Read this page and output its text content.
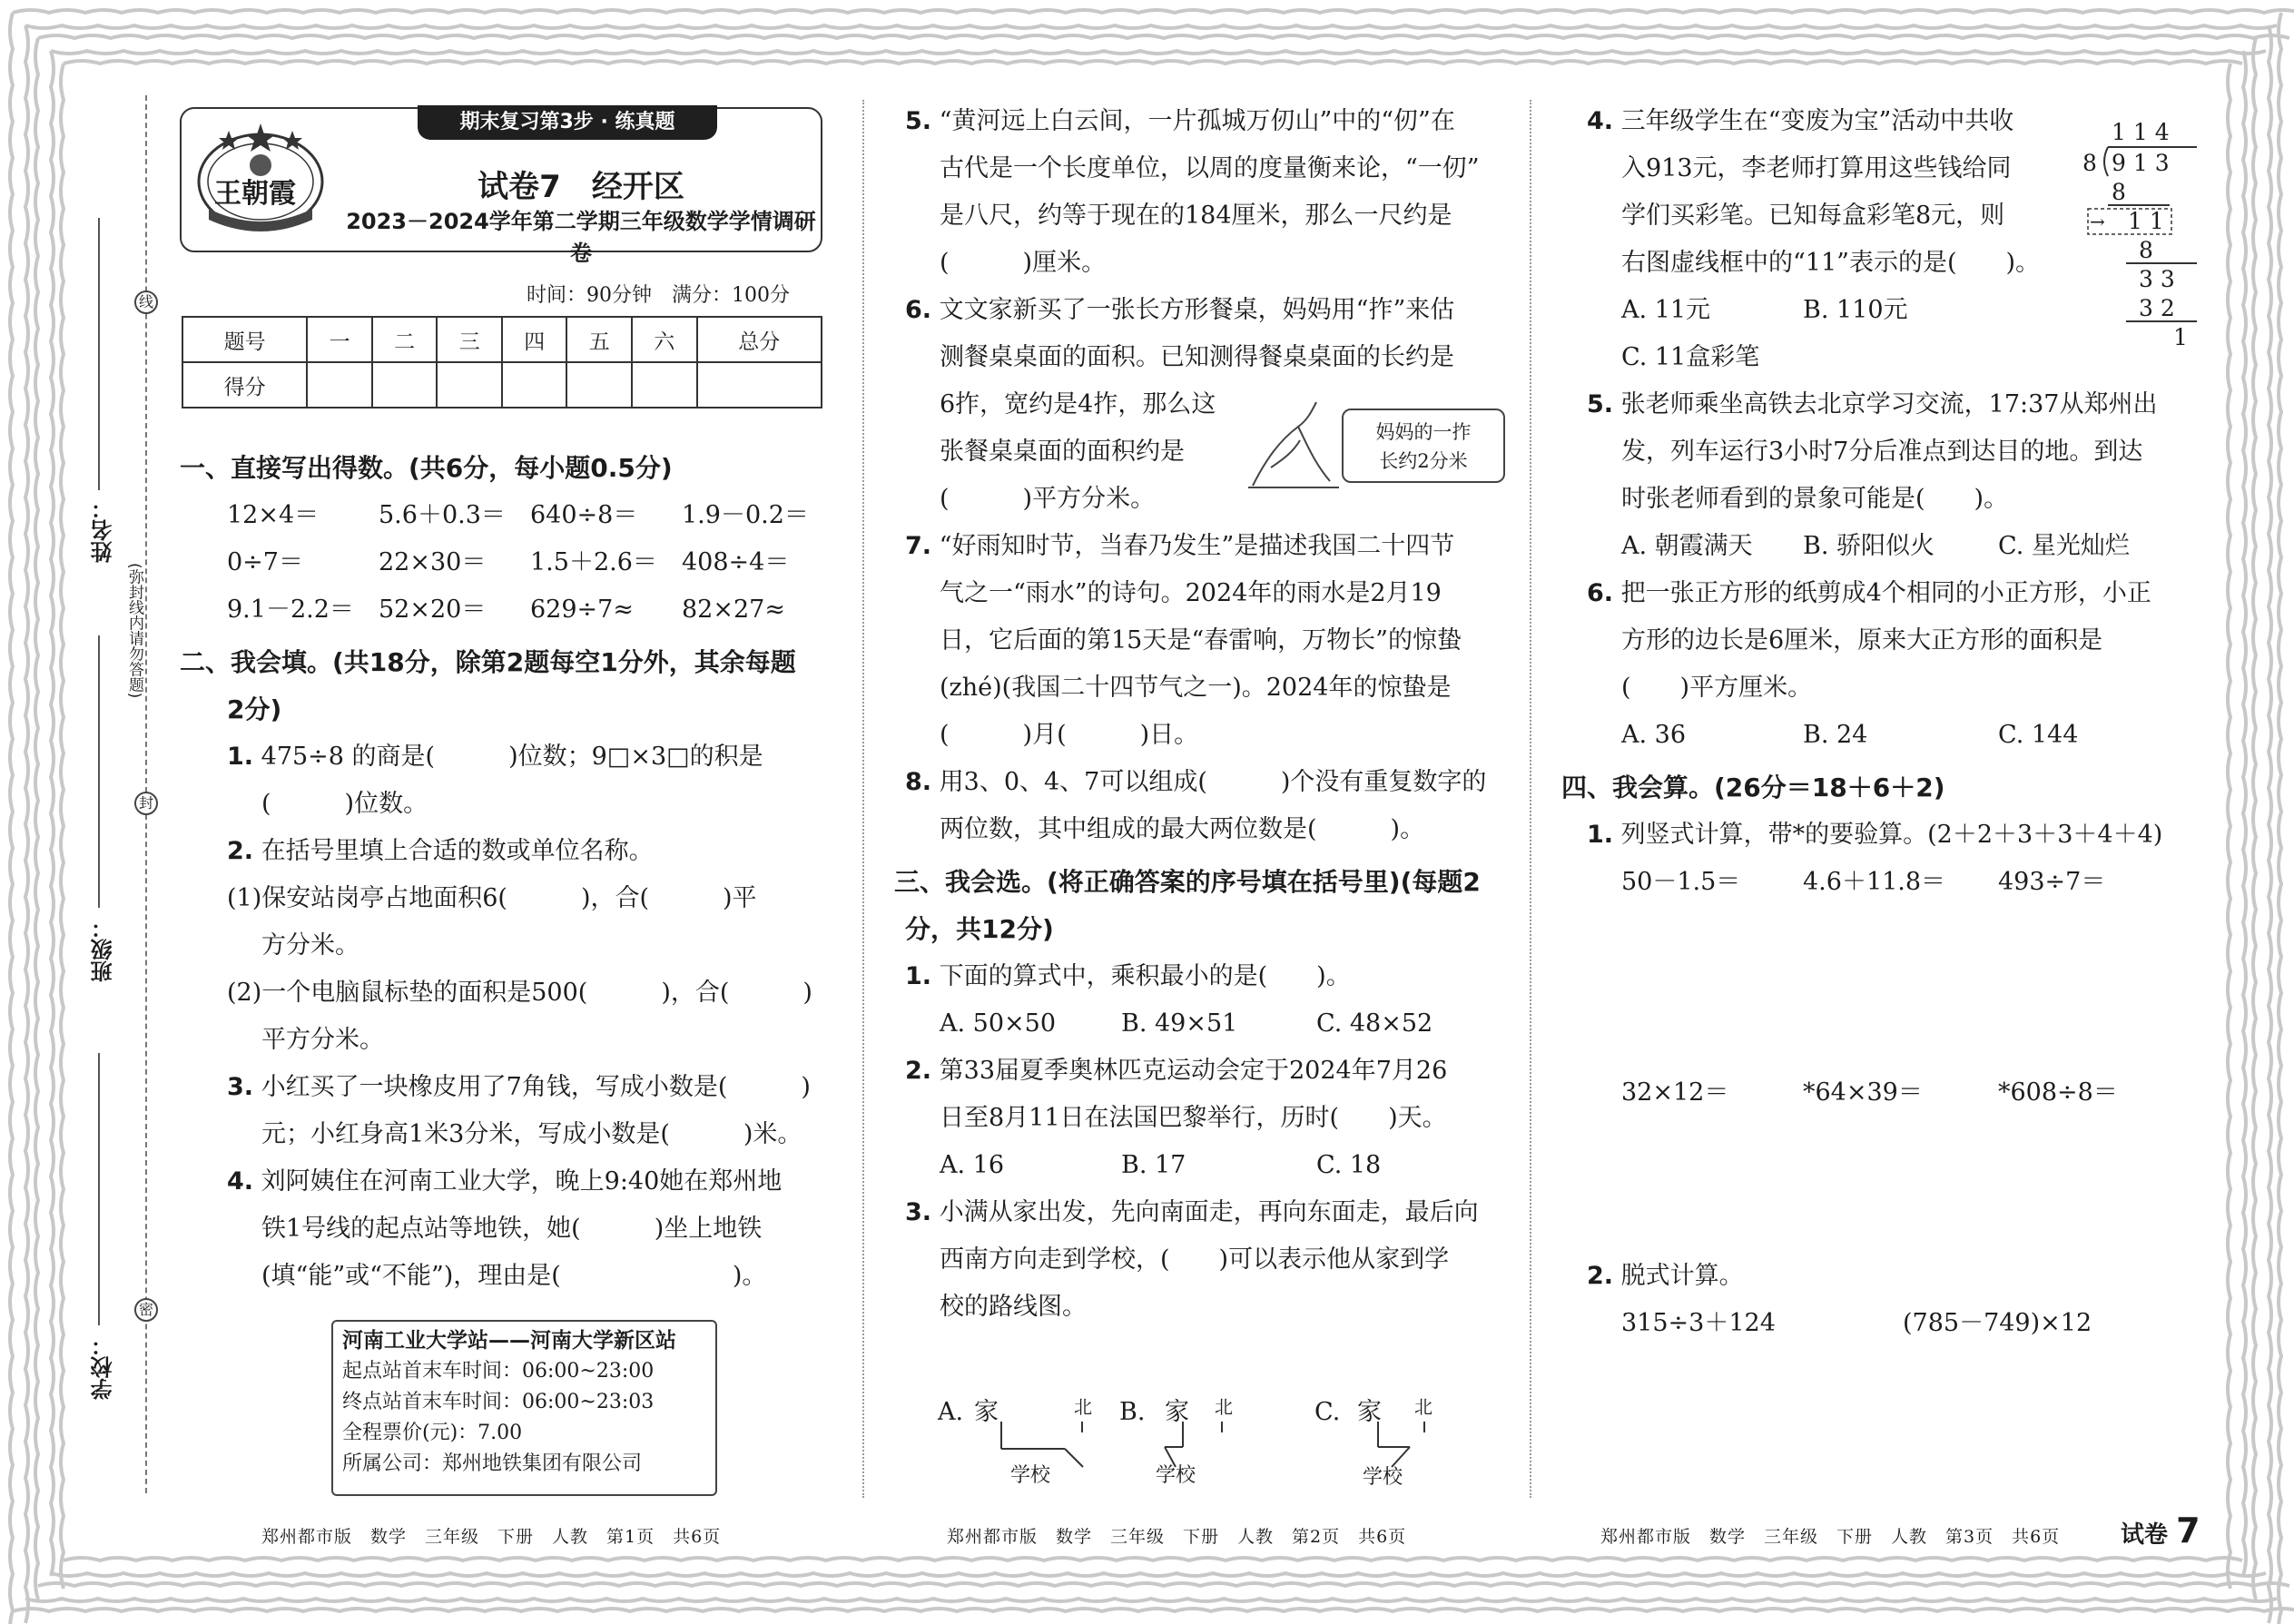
线
封
密
(弥封线内请勿答题)
姓名：
班级：
学校：
王朝霞
期末复习第3步 · 练真题
试卷7　经开区
2023－2024学年第二学期三年级数学学情调研卷
时间：90分钟　满分：100分
题号	一	二	三	四	五	六	总分
得分							
一、直接写出得数。(共6分，每小题0.5分)
12×4＝	5.6＋0.3＝	640÷8＝	1.9－0.2＝
0÷7＝	22×30＝	1.5＋2.6＝	408÷4＝
9.1－2.2＝	52×20＝	629÷7≈	82×27≈
二、我会填。(共18分，除第2题每空1分外，其余每题
2分)
1. 475÷8 的商是(　　　)位数；9□×3□的积是
(　　　)位数。
2. 在括号里填上合适的数或单位名称。
(1)保安站岗亭占地面积6(　　　)，合(　　　)平
方分米。
(2)一个电脑鼠标垫的面积是500(　　　)，合(　　　)
平方分米。
3. 小红买了一块橡皮用了7角钱，写成小数是(　　　)
元；小红身高1米3分米，写成小数是(　　　)米。
4. 刘阿姨住在河南工业大学，晚上9:40她在郑州地
铁1号线的起点站等地铁，她(　　　)坐上地铁
(填“能”或“不能”)，理由是(　　　　　　　)。
河南工业大学站——河南大学新区站
起点站首末车时间：06:00~23:00
终点站首末车时间：06:00~23:03
全程票价(元)：7.00
所属公司：郑州地铁集团有限公司
5. “黄河远上白云间，一片孤城万仞山”中的“仞”在
古代是一个长度单位，以周的度量衡来论，“一仞”
是八尺，约等于现在的184厘米，那么一尺约是
(　　　)厘米。
6. 文文家新买了一张长方形餐桌，妈妈用“拃”来估
测餐桌桌面的面积。已知测得餐桌桌面的长约是
6拃，宽约是4拃，那么这
张餐桌桌面的面积约是
(　　　)平方分米。
7. “好雨知时节，当春乃发生”是描述我国二十四节
气之一“雨水”的诗句。2024年的雨水是2月19
日，它后面的第15天是“春雷响，万物长”的惊蛰
(zhé)(我国二十四节气之一)。2024年的惊蛰是
(　　　)月(　　　)日。
8. 用3、0、4、7可以组成(　　　)个没有重复数字的
两位数，其中组成的最大两位数是(　　　)。
三、我会选。(将正确答案的序号填在括号里)(每题2
分，共12分)
1. 下面的算式中，乘积最小的是(　　)。
A. 50×50	B. 49×51	C. 48×52
2. 第33届夏季奥林匹克运动会定于2024年7月26
日至8月11日在法国巴黎举行，历时(　　)天。
A. 16	B. 17	C. 18
3. 小满从家出发，先向南面走，再向东面走，最后向
西南方向走到学校，(　　)可以表示他从家到学
校的路线图。
妈妈的一拃
长约2分米
A. 家	北
学校
B. 家 北
学校
C. 家 北
学校
4. 三年级学生在“变废为宝”活动中共收
入913元，李老师打算用这些钱给同
学们买彩笔。已知每盒彩笔8元，则
右图虚线框中的“11”表示的是(　　)。
A. 11元	B. 110元
C. 11盒彩笔
5. 张老师乘坐高铁去北京学习交流，17:37从郑州出
发，列车运行3小时7分后准点到达目的地。到达
时张老师看到的景象可能是(　　)。
A. 朝霞满天 B. 骄阳似火	C. 星光灿烂
6. 把一张正方形的纸剪成4个相同的小正方形，小正
方形的边长是6厘米，原来大正方形的面积是
(　　)平方厘米。
A. 36	B. 24	C. 144
四、我会算。(26分＝18＋6＋2)
1. 列竖式计算，带*的要验算。(2＋2＋3＋3＋4＋4)
50－1.5＝	4.6＋11.8＝ 493÷7＝
32×12＝	*64×39＝	*608÷8＝
2. 脱式计算。
315÷3＋124	(785－749)×12
1 1 4
8 9 1 3
8
→ 1 1
8
3 3
3 2
1
郑州都市版　数学　三年级　下册　人教　第1页　共6页	郑州都市版　数学　三年级　下册　人教　第2页　共6页	郑州都市版　数学　三年级　下册　人教　第3页　共6页	试卷 7
